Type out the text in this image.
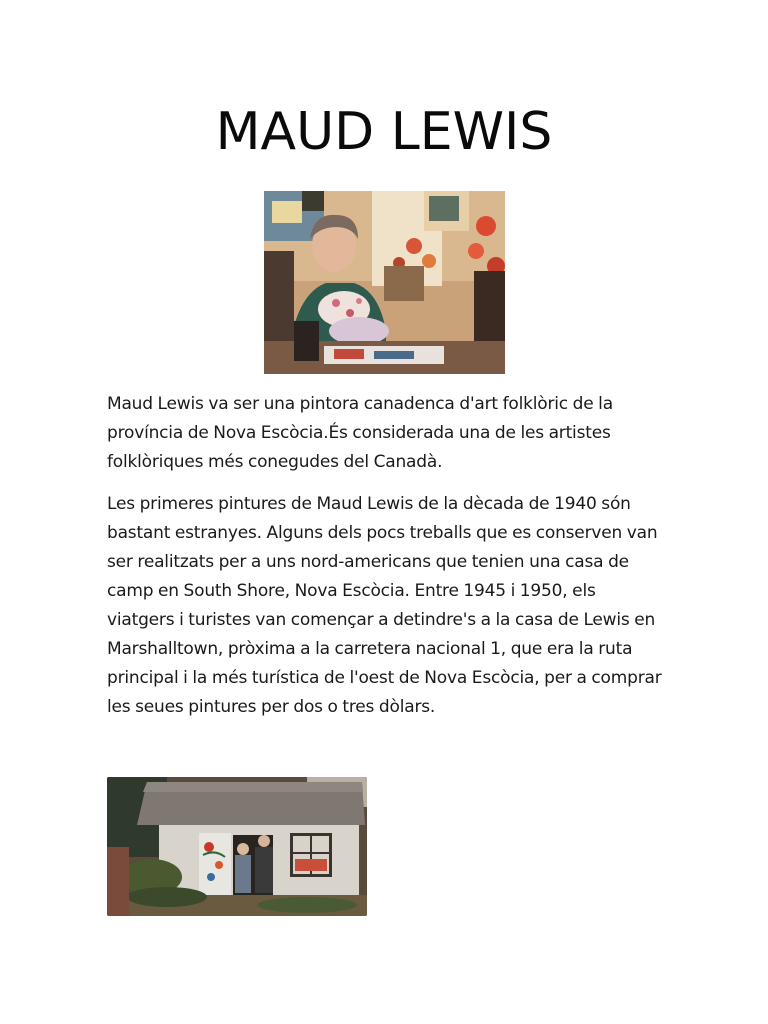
MAUD LEWIS

Maud Lewis va ser una pintora canadenca d'art folklòric de la província de Nova Escòcia.És considerada una de les artistes folklòriques més conegudes del Canadà.

Les primeres pintures de Maud Lewis de la dècada de 1940 són bastant estranyes. Alguns dels pocs treballs que es conserven van ser realitzats per a uns nord-americans que tenien una casa de camp en South Shore, Nova Escòcia. Entre 1945 i 1950, els viatgers i turistes van començar a detindre's a la casa de Lewis en Marshalltown, pròxima a la carretera nacional 1, que era la ruta principal i la més turística de l'oest de Nova Escòcia, per a comprar les seues pintures per dos o tres dòlars.
